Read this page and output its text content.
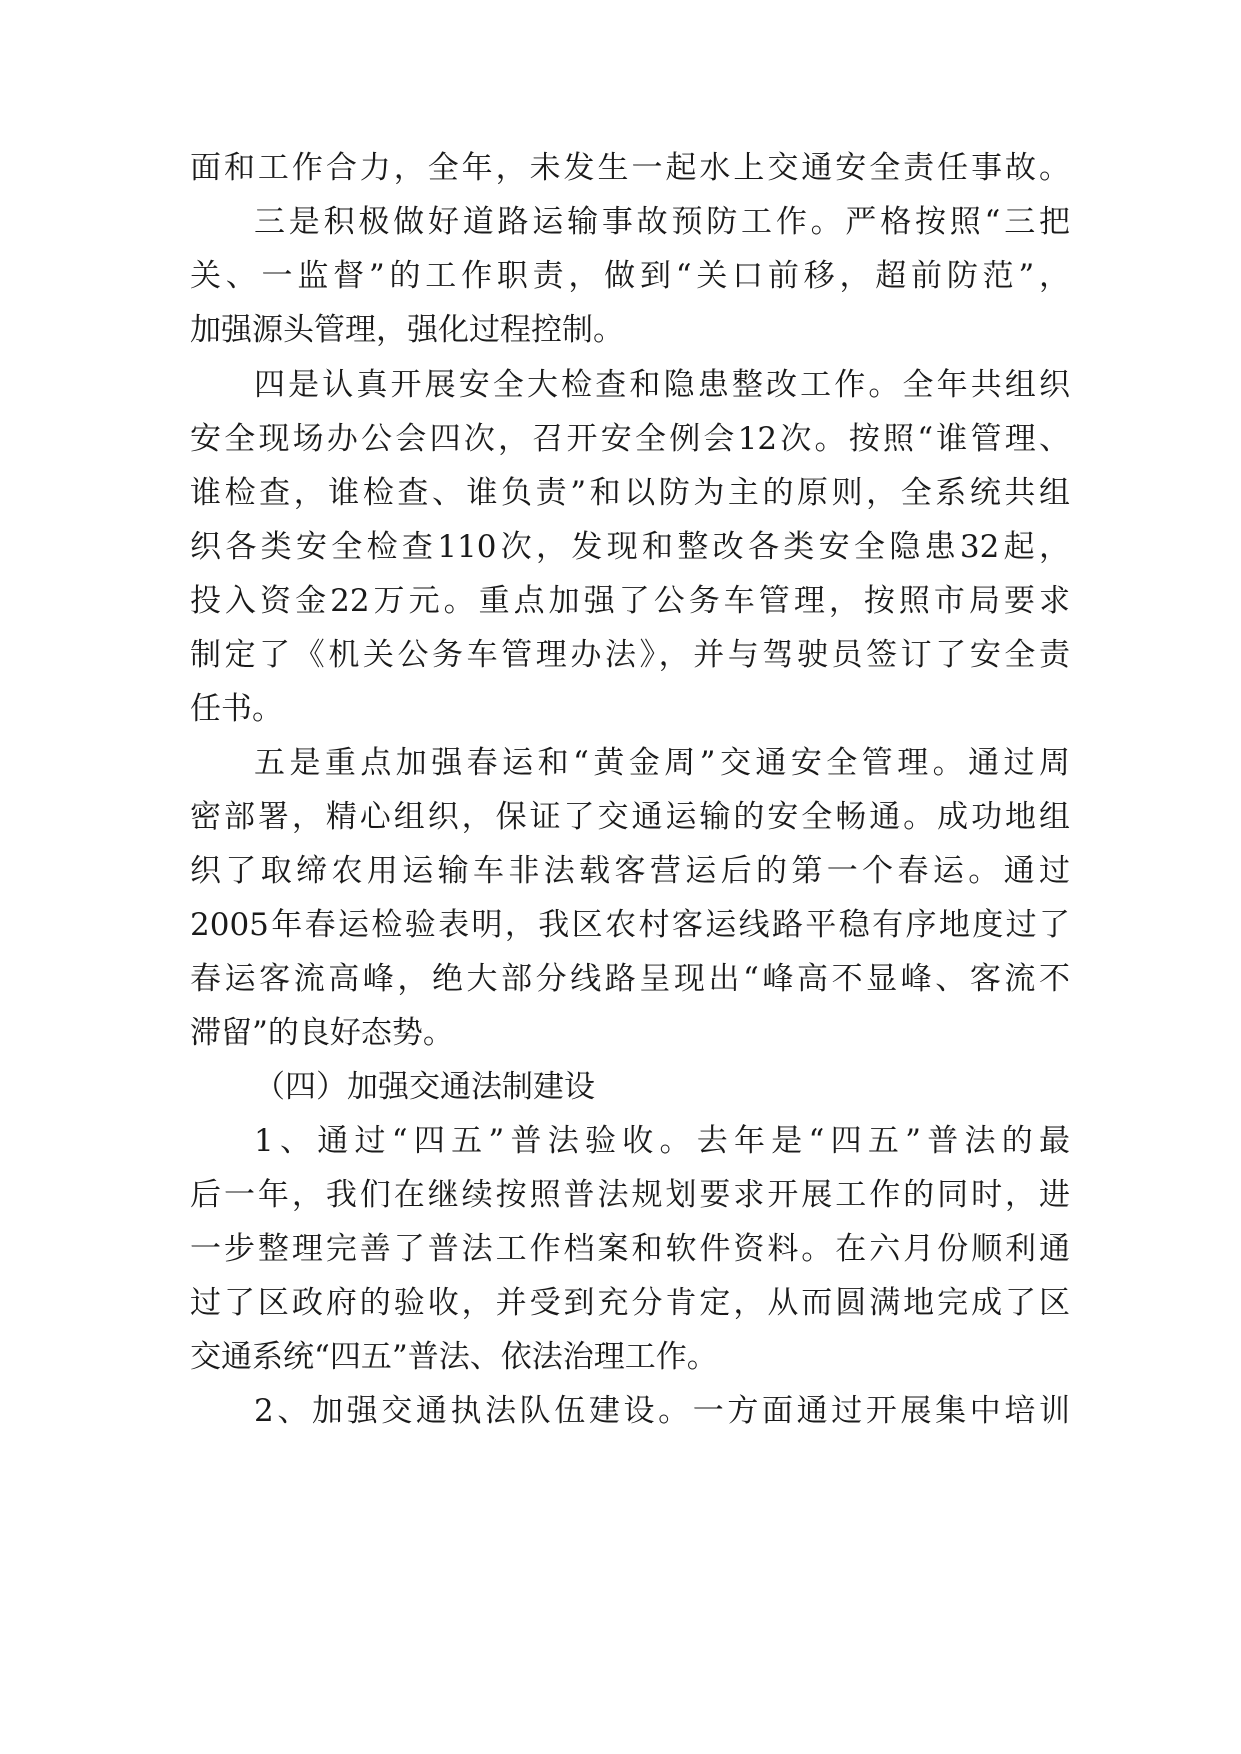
面和工作合力，全年，未发生一起水上交通安全责任事故。
三是积极做好道路运输事故预防工作。严格按照“三把
关、一监督”的工作职责，做到“关口前移，超前防范”，
加强源头管理，强化过程控制。
四是认真开展安全大检查和隐患整改工作。全年共组织
安全现场办公会四次，召开安全例会12次。按照“谁管理、
谁检查，谁检查、谁负责”和以防为主的原则，全系统共组
织各类安全检查110次，发现和整改各类安全隐患32起，
投入资金22万元。重点加强了公务车管理，按照市局要求
制定了《机关公务车管理办法》，并与驾驶员签订了安全责
任书。
五是重点加强春运和“黄金周”交通安全管理。通过周
密部署，精心组织，保证了交通运输的安全畅通。成功地组
织了取缔农用运输车非法载客营运后的第一个春运。通过
2005年春运检验表明，我区农村客运线路平稳有序地度过了
春运客流高峰，绝大部分线路呈现出“峰高不显峰、客流不
滞留”的良好态势。
（四）加强交通法制建设
1、通过“四五”普法验收。去年是“四五”普法的最
后一年，我们在继续按照普法规划要求开展工作的同时，进
一步整理完善了普法工作档案和软件资料。在六月份顺利通
过了区政府的验收，并受到充分肯定，从而圆满地完成了区
交通系统“四五”普法、依法治理工作。
2、加强交通执法队伍建设。一方面通过开展集中培训
